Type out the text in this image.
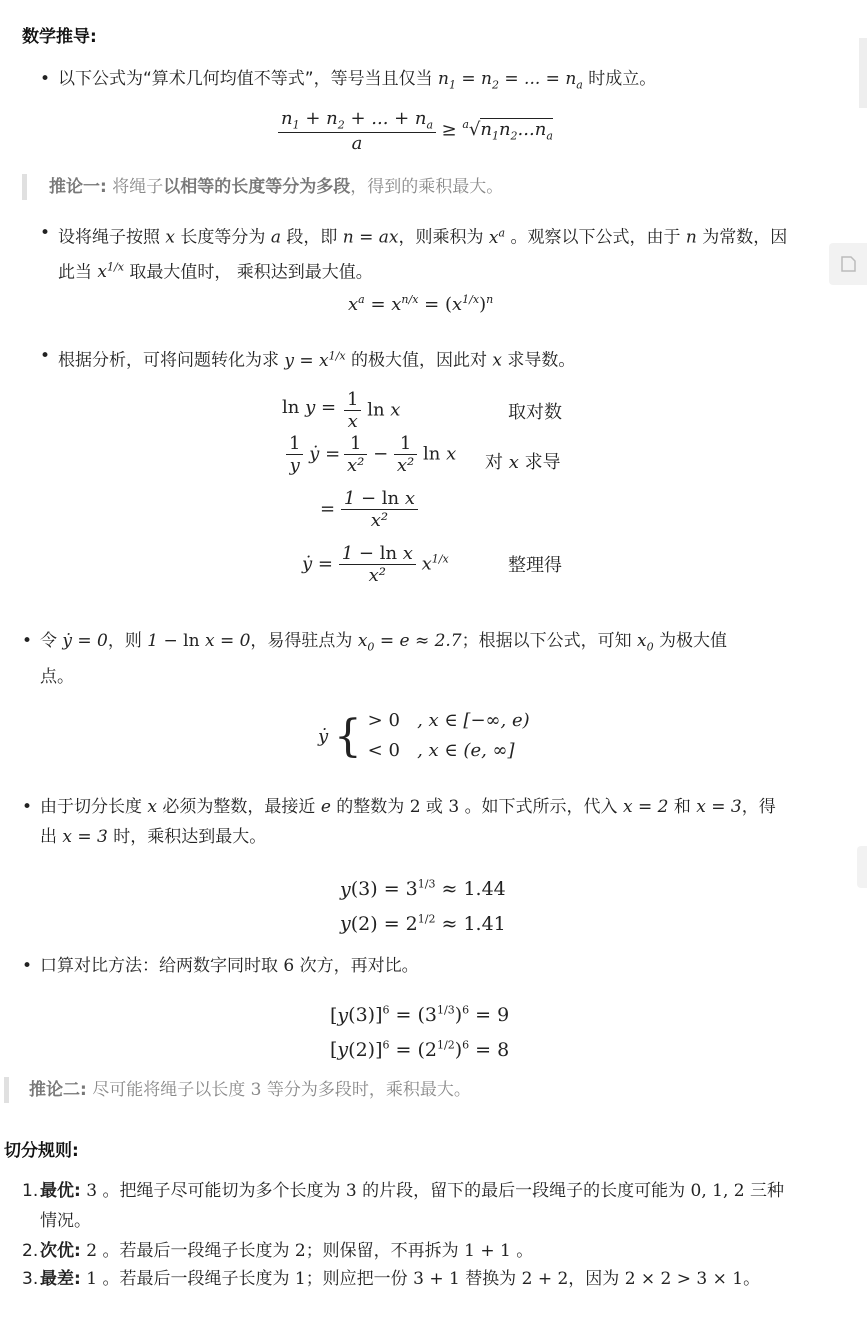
数学推导:
• 以下公式为“算术几何均值不等式”，等号当且仅当 $n_1 = n_2$ = ... = $n_a$ 时成立。
$\frac{n_1 + n_2 + ... + n_a}{a} \ge ^a√n_1n_2...n_a$
推论一: 将绳子以相等的长度等分为多段，得到的乘积最大。
• 设将绳子按照 x 长度等分为 a 段，即 n = ax，则乘积为 $x^a$ 。观察以下公式，由于 n 为常数，因
此当 $x^{1/x}$ 取最大值时， 乘积达到最大值。
$x^a = x^{n/x} = (x^{1/x})^n$
• 根据分析，可将问题转化为求 $y = x^{1/x}$ 的极大值，因此对 x 求导数。
$\ln y = \frac{1}{x}$ ln x
$\frac{1}{y}$ ẏ = $\frac{1}{\text{x²}} - \frac{1}{\text{x²}}$ ln x
= $\frac{\text{1 − ln x}}{\text{x²}}$
ẏ = $\frac{\text{1 − ln x}}{\text{x²}} x^{1/x}$
取对数
对 x 求导
整理得
• 令 ẏ = 0，则 1 − ln x = 0，易得驻点为 $x_0 = e \approx 2.7$；根据以下公式，可知 $x_0$ 为极大值
点。
ẏ { > 0   , x ∈ [−∞, e)
< 0   , x ∈ (e, ∞]
• 由于切分长度 x 必须为整数，最接近 e 的整数为 2 或 3 。如下式所示，代入 x = 2 和 x = 3，得
出 x = 3 时，乘积达到最大。
$y(3) = 3^{1/3} \approx 1.44$
$y(2) = 2^{1/2} \approx 1.41$
• 口算对比方法：给两数字同时取 6 次方，再对比。
$[y(3)]^6 = (3^{1/3})^6 = 9$
$[y(2)]^6 = (2^{1/2})^6 = 8$
推论二: 尽可能将绳子以长度 3 等分为多段时，乘积最大。
切分规则:
1. 最优: 3 。把绳子尽可能切为多个长度为 3 的片段，留下的最后一段绳子的长度可能为 0, 1, 2 三种
情况。
2. 次优: 2 。若最后一段绳子长度为 2；则保留，不再拆为 1 + 1 。
3. 最差: 1 。若最后一段绳子长度为 1；则应把一份 3 + 1 替换为 2 + 2，因为 2 × 2 > 3 × 1。
